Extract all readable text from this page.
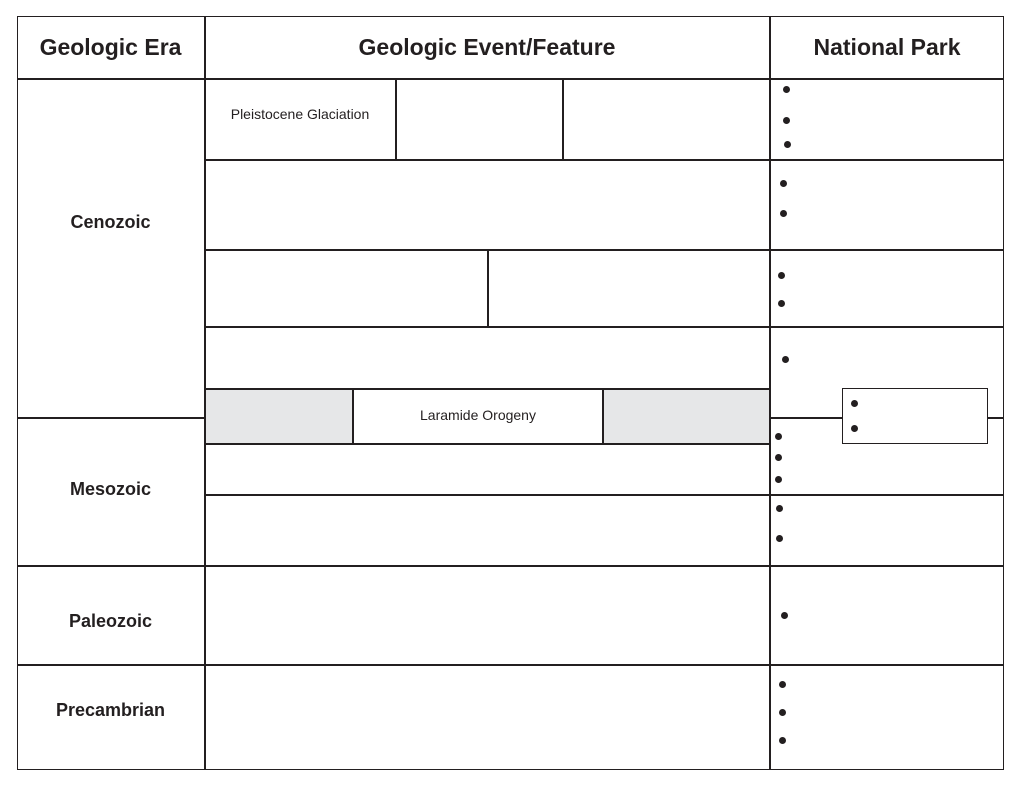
Geologic Era	Geologic Event/Feature	National Park
Cenozoic
Mesozoic
Paleozoic
Precambrian
Pleistocene Glaciation
Laramide Orogeny
